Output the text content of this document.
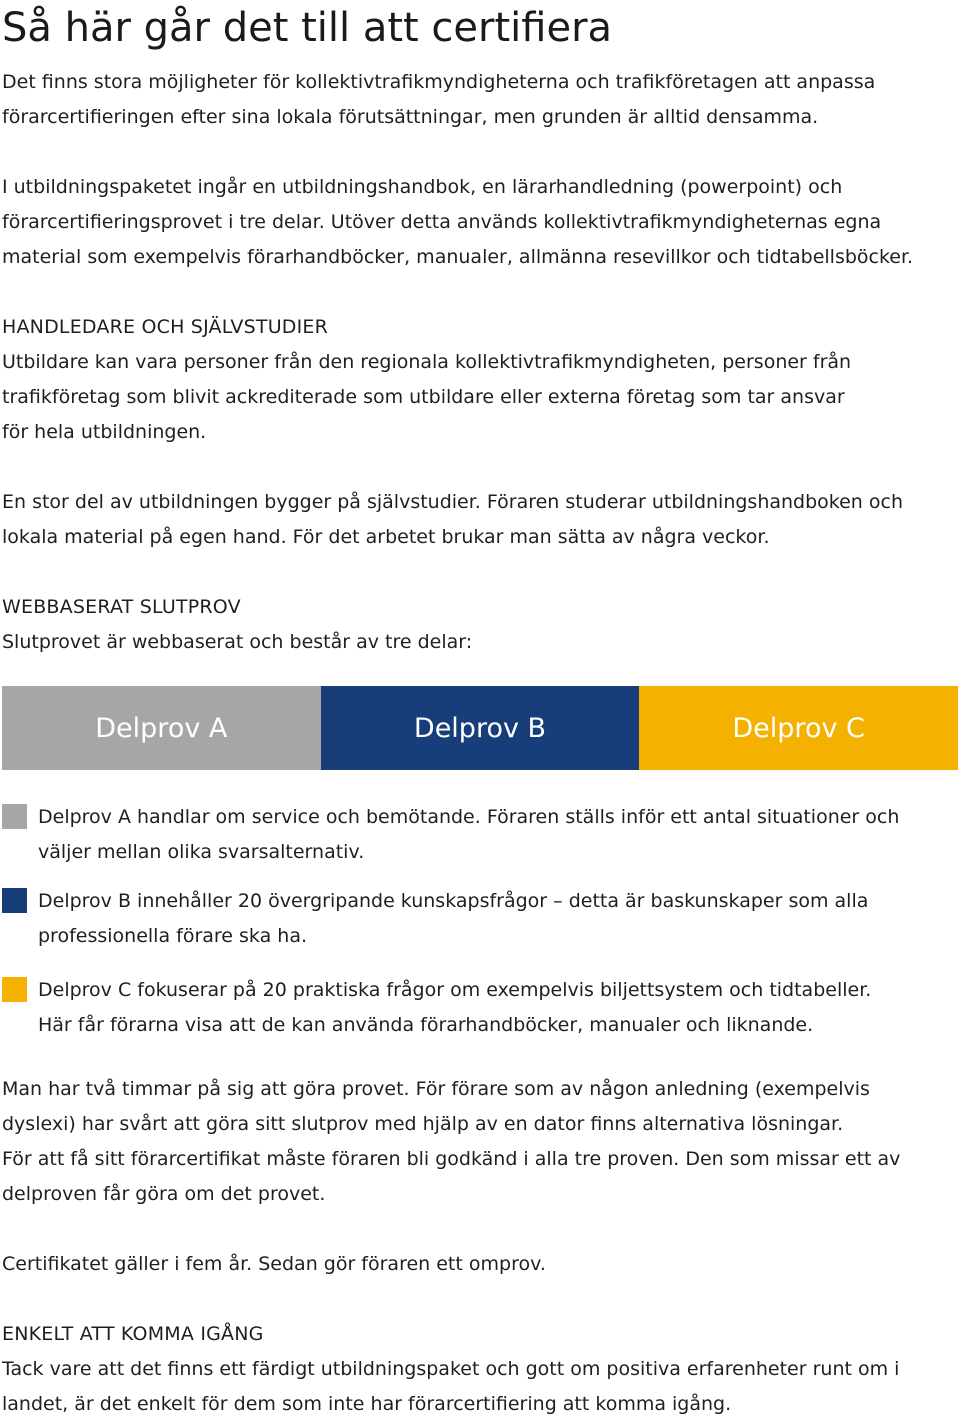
Så här går det till att certifiera

Det finns stora möjligheter för kollektivtrafikmyndigheterna och trafikföretagen att anpassa

förarcertifieringen efter sina lokala förutsättningar, men grunden är alltid densamma.

I utbildningspaketet ingår en utbildningshandbok, en lärarhandledning (powerpoint) och

förarcertifieringsprovet i tre delar. Utöver detta används kollektivtrafikmyndigheternas egna

material som exempelvis förarhandböcker, manualer, allmänna resevillkor och tidtabellsböcker.

HANDLEDARE OCH SJÄLVSTUDIER

Utbildare kan vara personer från den regionala kollektivtrafikmyndigheten, personer från

trafikföretag som blivit ackrediterade som utbildare eller externa företag som tar ansvar

för hela utbildningen.

En stor del av utbildningen bygger på självstudier. Föraren studerar utbildningshandboken och

lokala material på egen hand. För det arbetet brukar man sätta av några veckor.

WEBBASERAT SLUTPROV

Slutprovet är webbaserat och består av tre delar:

Delprov A	Delprov B	Delprov C

Delprov A handlar om service och bemötande. Föraren ställs inför ett antal situationer och

väljer mellan olika svarsalternativ.

Delprov B innehåller 20 övergripande kunskapsfrågor – detta är baskunskaper som alla

professionella förare ska ha.

Delprov C fokuserar på 20 praktiska frågor om exempelvis biljettsystem och tidtabeller.

Här får förarna visa att de kan använda förarhandböcker, manualer och liknande.

Man har två timmar på sig att göra provet. För förare som av någon anledning (exempelvis

dyslexi) har svårt att göra sitt slutprov med hjälp av en dator finns alternativa lösningar.

För att få sitt förarcertifikat måste föraren bli godkänd i alla tre proven. Den som missar ett av

delproven får göra om det provet.

Certifikatet gäller i fem år. Sedan gör föraren ett omprov.

ENKELT ATT KOMMA IGÅNG

Tack vare att det finns ett färdigt utbildningspaket och gott om positiva erfarenheter runt om i

landet, är det enkelt för dem som inte har förarcertifiering att komma igång.
